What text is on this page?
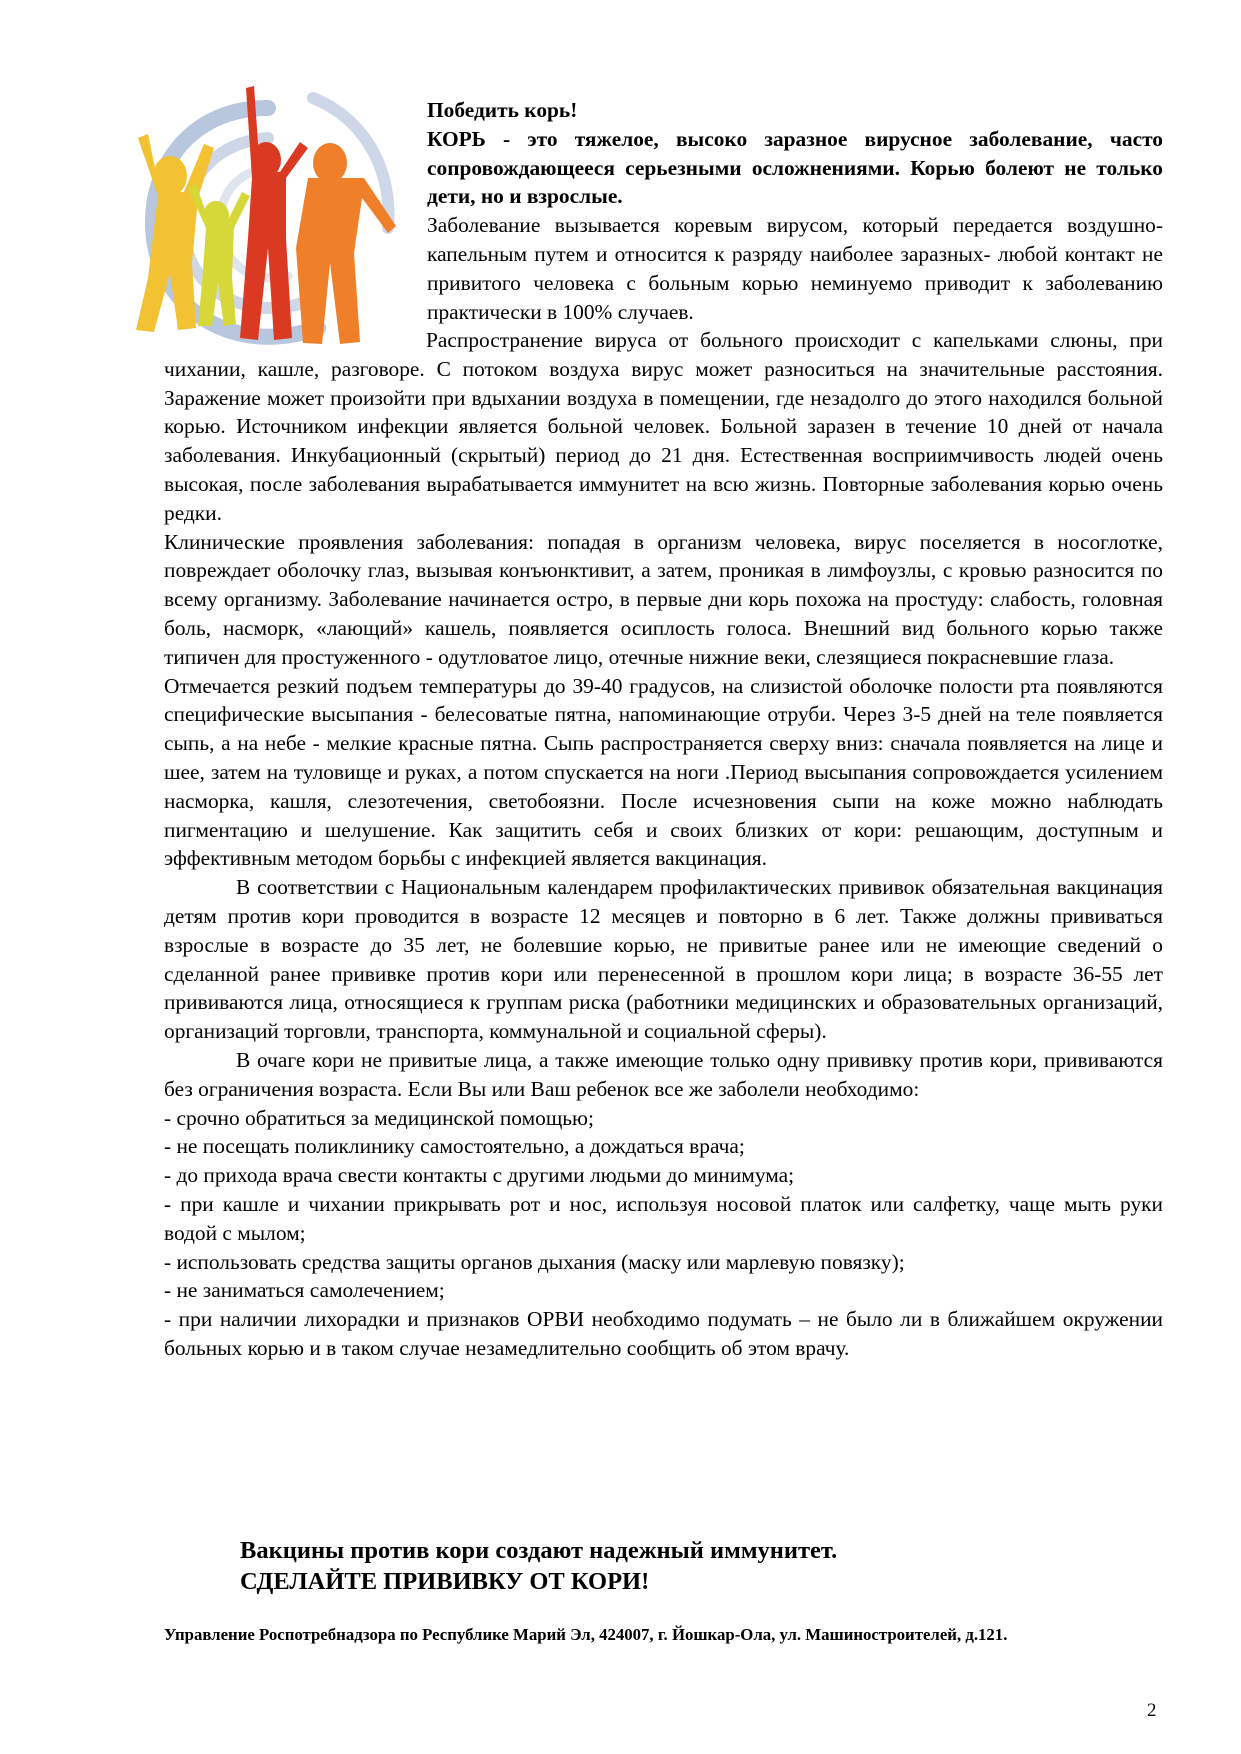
Победить корь!

КОРЬ - это тяжелое, высоко заразное вирусное заболевание, часто сопровождающееся серьезными осложнениями. Корью болеют не только дети, но и взрослые.

Заболевание вызывается коревым вирусом, который передается воздушно-капельным путем и относится к разряду наиболее заразных- любой контакт не привитого человека с больным корью неминуемо приводит к заболеванию практически в 100% случаев.

Распространение вируса от больного происходит с капельками слюны, при чихании, кашле, разговоре. С потоком воздуха вирус может разноситься на значительные расстояния. Заражение может произойти при вдыхании воздуха в помещении, где незадолго до этого находился больной корью. Источником инфекции является больной человек. Больной заразен в течение 10 дней от начала заболевания. Инкубационный (скрытый) период до 21 дня. Естественная восприимчивость людей очень высокая, после заболевания вырабатывается иммунитет на всю жизнь. Повторные заболевания корью очень редки.

Клинические проявления заболевания: попадая в организм человека, вирус поселяется в носоглотке, повреждает оболочку глаз, вызывая конъюнктивит, а затем, проникая в лимфоузлы, с кровью разносится по всему организму. Заболевание начинается остро, в первые дни корь похожа на простуду: слабость, головная боль, насморк, «лающий» кашель, появляется осиплость голоса. Внешний вид больного корью также типичен для простуженного - одутловатое лицо, отечные нижние веки, слезящиеся покрасневшие глаза.

Отмечается резкий подъем температуры до 39-40 градусов, на слизистой оболочке полости рта появляются специфические высыпания - белесоватые пятна, напоминающие отруби. Через 3-5 дней на теле появляется сыпь, а на небе - мелкие красные пятна. Сыпь распространяется сверху вниз: сначала появляется на лице и шее, затем на туловище и руках, а потом спускается на ноги .Период высыпания сопровождается усилением насморка, кашля, слезотечения, светобоязни. После исчезновения сыпи на коже можно наблюдать пигментацию и шелушение. Как защитить себя и своих близких от кори: решающим, доступным и эффективным методом борьбы с инфекцией является вакцинация.

В соответствии с Национальным календарем профилактических прививок обязательная вакцинация детям против кори проводится в возрасте 12 месяцев и повторно в 6 лет. Также должны прививаться взрослые в возрасте до 35 лет, не болевшие корью, не привитые ранее или не имеющие сведений о сделанной ранее прививке против кори или перенесенной в прошлом кори лица; в возрасте 36-55 лет прививаются лица, относящиеся к группам риска (работники медицинских и образовательных организаций, организаций торговли, транспорта, коммунальной и социальной сферы).

В очаге кори не привитые лица, а также имеющие только одну прививку против кори, прививаются без ограничения возраста. Если Вы или Ваш ребенок все же заболели необходимо:

- срочно обратиться за медицинской помощью;

- не посещать поликлинику самостоятельно, а дождаться врача;

- до прихода врача свести контакты с другими людьми до минимума;

- при кашле и чихании прикрывать рот и нос, используя носовой платок или салфетку, чаще мыть руки водой с мылом;

- использовать средства защиты органов дыхания (маску или марлевую повязку);

- не заниматься самолечением;

- при наличии лихорадки и признаков ОРВИ необходимо подумать – не было ли в ближайшем окружении больных корью и в таком случае незамедлительно сообщить об этом врачу.

Вакцины против кори создают надежный иммунитет.

СДЕЛАЙТЕ ПРИВИВКУ ОТ КОРИ!

Управление Роспотребнадзора по Республике Марий Эл, 424007, г. Йошкар-Ола, ул. Машиностроителей, д.121.
2
